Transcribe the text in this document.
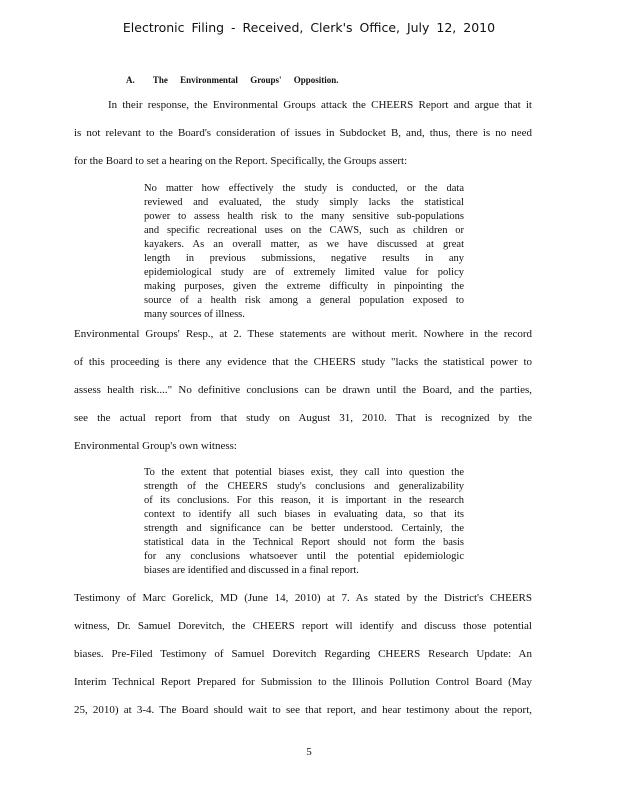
Electronic Filing - Received, Clerk's Office, July 12, 2010
A. The Environmental Groups' Opposition.
In their response, the Environmental Groups attack the CHEERS Report and argue that it
is not relevant to the Board's consideration of issues in Subdocket B, and, thus, there is no need
for the Board to set a hearing on the Report. Specifically, the Groups assert:
No matter how effectively the study is conducted, or the data
reviewed and evaluated, the study simply lacks the statistical
power to assess health risk to the many sensitive sub-populations
and specific recreational uses on the CAWS, such as children or
kayakers. As an overall matter, as we have discussed at great
length in previous submissions, negative results in any
epidemiological study are of extremely limited value for policy
making purposes, given the extreme difficulty in pinpointing the
source of a health risk among a general population exposed to
many sources of illness.
Environmental Groups' Resp., at 2. These statements are without merit. Nowhere in the record
of this proceeding is there any evidence that the CHEERS study "lacks the statistical power to
assess health risk...." No definitive conclusions can be drawn until the Board, and the parties,
see the actual report from that study on August 31, 2010. That is recognized by the
Environmental Group's own witness:
To the extent that potential biases exist, they call into question the
strength of the CHEERS study's conclusions and generalizability
of its conclusions. For this reason, it is important in the research
context to identify all such biases in evaluating data, so that its
strength and significance can be better understood. Certainly, the
statistical data in the Technical Report should not form the basis
for any conclusions whatsoever until the potential epidemiologic
biases are identified and discussed in a final report.
Testimony of Marc Gorelick, MD (June 14, 2010) at 7. As stated by the District's CHEERS
witness, Dr. Samuel Dorevitch, the CHEERS report will identify and discuss those potential
biases. Pre-Filed Testimony of Samuel Dorevitch Regarding CHEERS Research Update: An
Interim Technical Report Prepared for Submission to the Illinois Pollution Control Board (May
25, 2010) at 3-4. The Board should wait to see that report, and hear testimony about the report,
5
